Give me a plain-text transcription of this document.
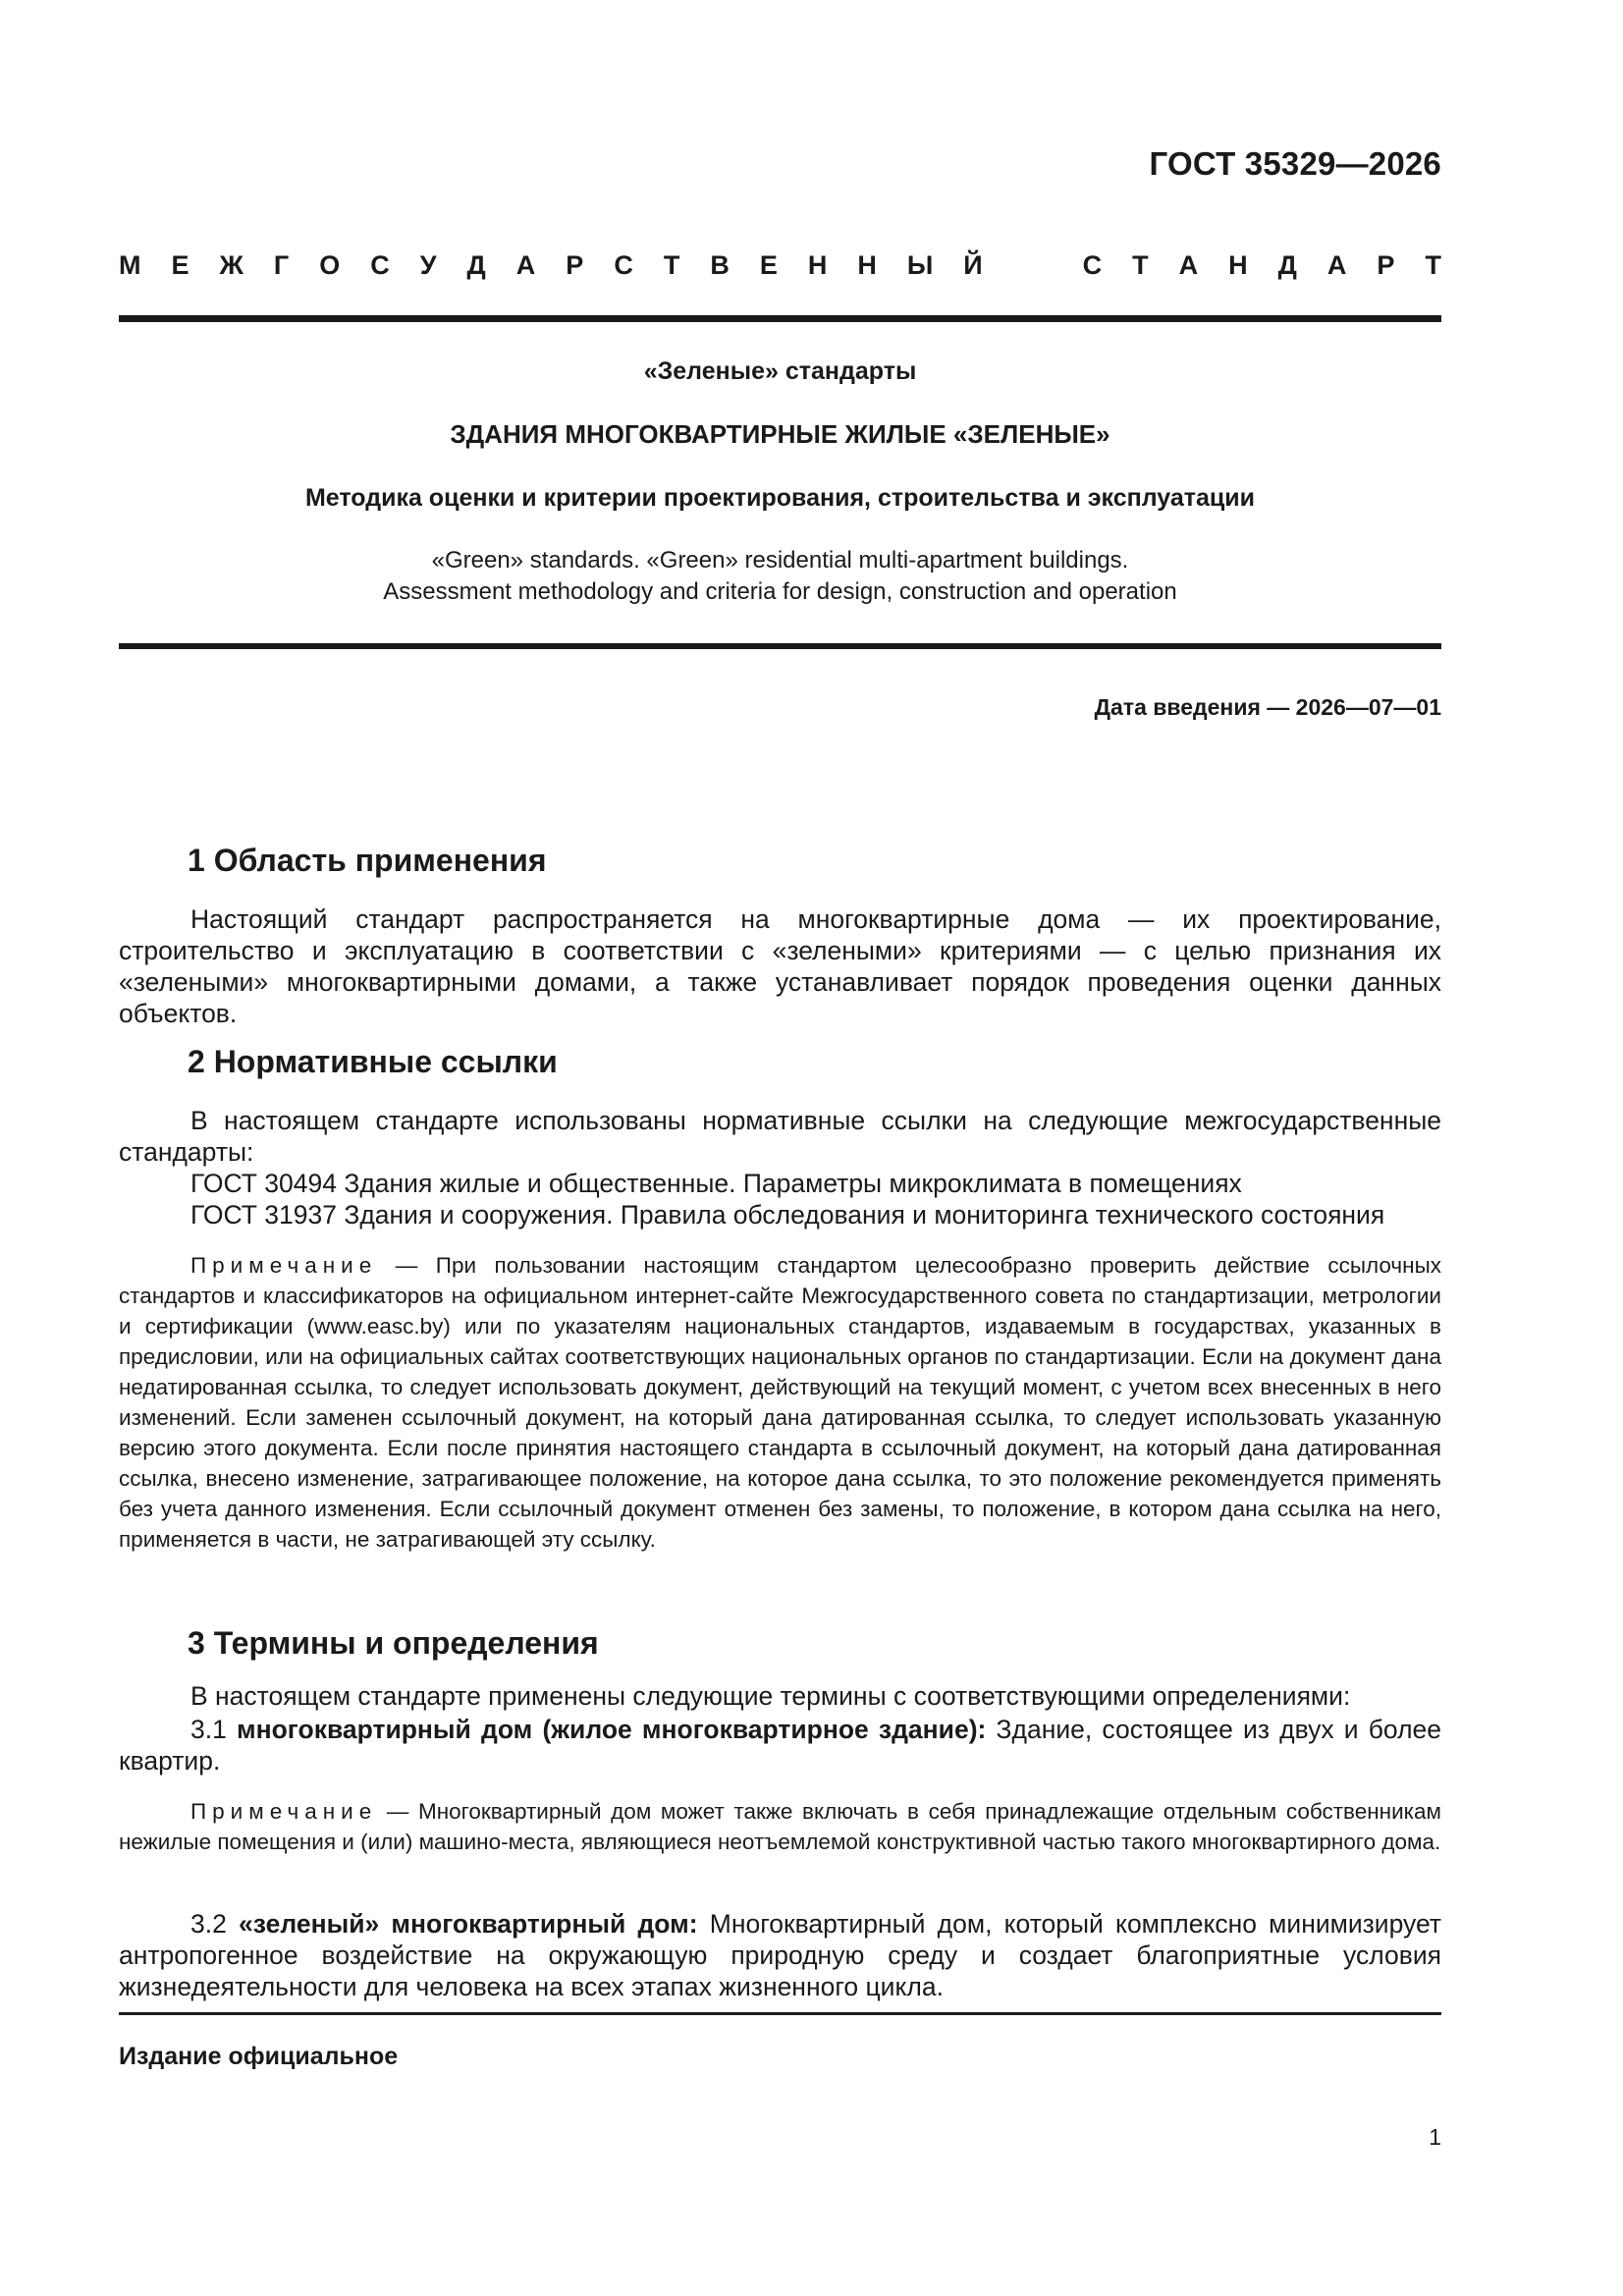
ГОСТ 35329—2026
М Е Ж Г О С У Д А Р С Т В Е Н Н Ы Й	С Т А Н Д А Р Т
«Зеленые» стандарты
ЗДАНИЯ МНОГОКВАРТИРНЫЕ ЖИЛЫЕ «ЗЕЛЕНЫЕ»
Методика оценки и критерии проектирования, строительства и эксплуатации
«Green» standards. «Green» residential multi-apartment buildings.
Assessment methodology and criteria for design, construction and operation
Дата введения — 2026—07—01
1 Область применения
Настоящий стандарт распространяется на многоквартирные дома — их проектирование, строительство и эксплуатацию в соответствии с «зелеными» критериями — с целью признания их «зелеными» многоквартирными домами, а также устанавливает порядок проведения оценки данных объектов.
2 Нормативные ссылки
В настоящем стандарте использованы нормативные ссылки на следующие межгосударственные стандарты:
ГОСТ 30494 Здания жилые и общественные. Параметры микроклимата в помещениях
ГОСТ 31937 Здания и сооружения. Правила обследования и мониторинга технического состояния
Примечание — При пользовании настоящим стандартом целесообразно проверить действие ссылочных стандартов и классификаторов на официальном интернет-сайте Межгосударственного совета по стандартизации, метрологии и сертификации (www.easc.by) или по указателям национальных стандартов, издаваемым в государствах, указанных в предисловии, или на официальных сайтах соответствующих национальных органов по стандартизации. Если на документ дана недатированная ссылка, то следует использовать документ, действующий на текущий момент, с учетом всех внесенных в него изменений. Если заменен ссылочный документ, на который дана датированная ссылка, то следует использовать указанную версию этого документа. Если после принятия настоящего стандарта в ссылочный документ, на который дана датированная ссылка, внесено изменение, затрагивающее положение, на которое дана ссылка, то это положение рекомендуется применять без учета данного изменения. Если ссылочный документ отменен без замены, то положение, в котором дана ссылка на него, применяется в части, не затрагивающей эту ссылку.
3 Термины и определения
В настоящем стандарте применены следующие термины с соответствующими определениями:
3.1 многоквартирный дом (жилое многоквартирное здание): Здание, состоящее из двух и более квартир.
Примечание — Многоквартирный дом может также включать в себя принадлежащие отдельным собственникам нежилые помещения и (или) машино-места, являющиеся неотъемлемой конструктивной частью такого многоквартирного дома.
3.2 «зеленый» многоквартирный дом: Многоквартирный дом, который комплексно минимизирует антропогенное воздействие на окружающую природную среду и создает благоприятные условия жизнедеятельности для человека на всех этапах жизненного цикла.
Издание официальное
1
